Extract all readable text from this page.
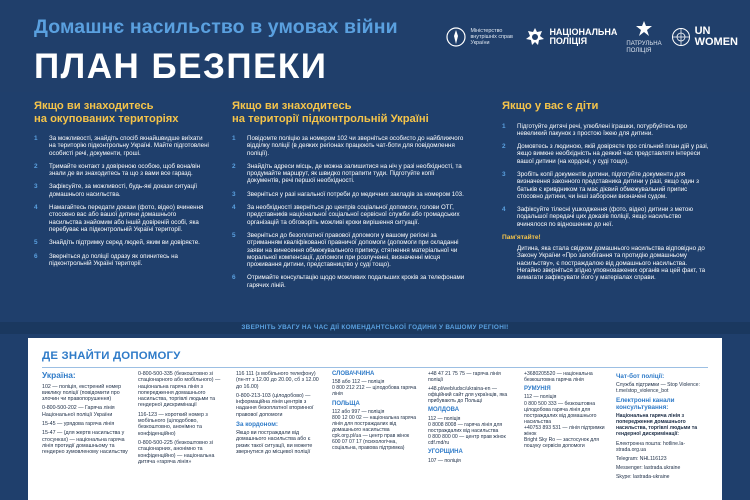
Домашнє насильство в умовах війни
ПЛАН БЕЗПЕКИ
Міністерство
внутрішніх справ
України
НАЦІОНАЛЬНА
ПОЛІЦІЯ	ПАТРУЛЬНА
ПОЛІЦІЯ
UN
WOMEN
Якщо ви знаходитесь
на окупованих територіях
1 За можливості, знайдіть спосіб якнайшвидше виїхати на територію підконтрольну Україні. Майте підготовлені особисті речі, документи, гроші.
2 Тримайте контакт з довіреною особою, щоб вона/він знали де ви знаходитесь та що з вами все гаразд.
3 Зафіксуйте, за можливості, будь-які докази ситуації домашнього насильства.
4 Намагайтесь передати докази (фото, відео) вчинення стосовно вас або вашої дитини домашнього насильства знайомим або іншій довіреній особі, яка перебуває на підконтрольній Україні території.
5 Знайдіть підтримку серед людей, яким ви довіряєте.
6 Зверніться до поліції одразу як опинитесь на підконтрольній Україні території.
Якщо ви знаходитесь
на території підконтрольній Україні
1 Повідомте поліцію за номером 102 чи зверніться особисто до найближчого відділку поліції (в деяких регіонах працюють чат-боти для повідомлення поліції).
2 Знайдіть адреси місць, де можна залишитися на ніч у разі необхідності, та продумайте маршрут, як швидко потрапити туди. Підготуйте копії документів, речі першої необхідності.
3 Зверніться у разі нагальної потреби до медичних закладів за номером 103.
4 За необхідності зверніться до центрів соціальної допомоги, голови ОТГ, представників національної соціальної сервісної служби або громадських організацій та обговоріть можливі кроки вирішення ситуації.
5 Зверніться до безоплатної правової допомоги у вашому регіоні за отриманням кваліфікованої правничої допомоги (допомоги при складанні заяви на винесення обмежувального припису, стягнення матеріальної чи моральної компенсації, допомоги при розлученні, визначенні місця проживання дитини, представництво у суді тощо).
6 Отримайте консультацію щодо можливих подальших кроків за телефонами гарячих ліній.
Якщо у вас є діти
1 Підготуйте дитячі речі, улюблені іграшки, потурбуйтесь про невеликий пакунок з простою їжею для дитини.
2 Домовтесь з людиною, якій довіряєте про спільний план дій у разі, якщо вимкне необхідність на деякий час представляти інтереси вашої дитини (на кордоні, у суді тощо).
3 Зробіть копії документів дитини, підготуйте документи для визначення законного представника дитини у разі, якщо один з батьків є кривдником та має дієвий обмежувальний припис стосовно дитини, чи інші заборони визначені судом.
4 Зафіксуйте тілесні ушкодження (фото, відео) дитини з метою подальшої передачі цих доказів поліції, якщо насильство вчинялося по відношенню до неї.
Пам'ятайте!
Дитина, яка стала свідком домашнього насильства відповідно до Закону України «Про запобігання та протидію домашньому насильству», є постраждалою від домашнього насильства. Негайно зверніться згідно уповноважених органів на цей факт, та вимагати зафіксувати його у матеріалах справи.
ЗВЕРНІТЬ УВАГУ НА ЧАС ДІЇ КОМЕНДАНТСЬКОЇ ГОДИНИ У ВАШОМУ РЕГІОНІ!
ДЕ ЗНАЙТИ ДОПОМОГУ

Україна:

102 — поліція, екстрений номер виклику поліції (повідомити про злочин чи правопорушення)

0-800-500-202 — Гаряча лінія Національної поліції України

15-45 — урядова гаряча лінія

15-47 — (для жертв насильства у стосунках) — національна гаряча лінія протидії домашньому та гендерно зумовленому насильству

0-800-500-335 (безкоштовно зі стаціонарного або мобільного) — національна гаряча лінія з попередження домашнього насильства, торгівлі людьми та гендерної дискримінації

116-123 — короткий номер з мобільного (цілодобово, безкоштовно, анонімно та конфіденційно)

0-800-500-225 (безкоштовно зі стаціонарних, анонімно та конфіденційно) — національна дитяча «гаряча лінія»

116 111 (з мобільного телефону) (пн-пт з 12.00 до 20.00, сб з 12.00 до 16.00)

0-800-213-103 (цілодобово) — інформаційна лінія центрів з надання безоплатної вторинної правової допомоги

За кордоном:

Якщо ви постраждали від домашнього насильства або є ризик такої ситуації, ви можете звернутися до місцевої поліції

СЛОВАЧЧИНА

158 або 112 — поліція
0 800 212 212 — цілодобова гаряча лінія

ПОЛЬЩА

112 або 997 — поліція
800 12 00 02 — національна гаряча лінія для постраждалих від домашнього насильства
cpk.org.pl/ua — центр прав жінок
600 07 07 17 (психологічна, соціальна, правова підтримка)

+48 47 21 75 75 — гаряча лінія поліції

+48.pl/web/udsc/ukraina-en — офіційний сайт для українців, яка прибувають до Польщі

МОЛДОВА

112 — поліція
0 8008 8008 — гаряча лінія для постраждалих від насильства
0 800 800 00 — центр прав жінок
cdf.md/ru

УГОРЩИНА

107 — поліція

+3680205520 — національна безкоштовна гаряча лінія

РУМУНІЯ

112 — поліція
0 800 500 333 — безкоштовна цілодобова гаряча лінія для постраждалих від домашнього насильства
+40753 893 531 — лінія підтримки жінок
Bright Sky Ro — застосунок для пошуку сервісів допомоги

Чат-бот поліції:

Служба підтримки — Stop Violence: t.me/stop_violence_bot

Електронні канали консультування:

Національна гаряча лінія з попередження домашнього насильства, торгівлі людьми та гендерної дискримінації:

Електронна пошта: hotline.la-strada.org.ua

Telegram: NHL116123

Messenger: lastrada.ukraine

Skype: lastrada-ukraine
